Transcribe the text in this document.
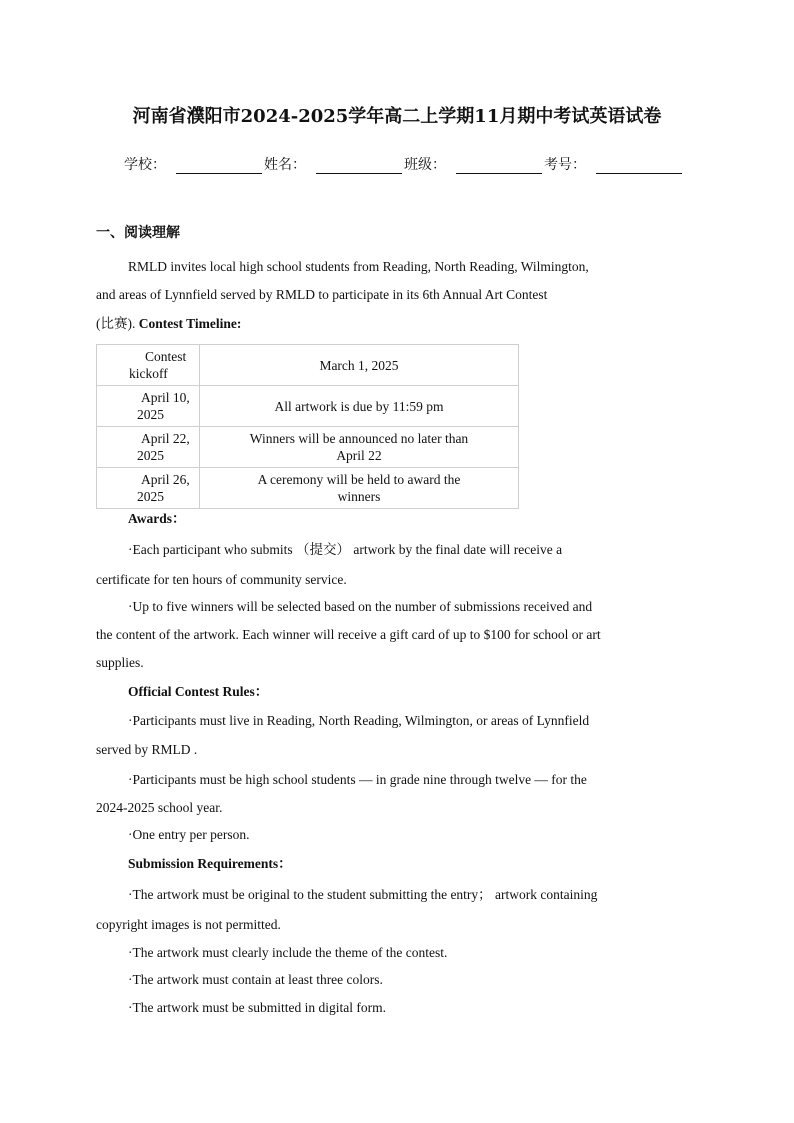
河南省濮阳市2024-2025学年高二上学期11月期中考试英语试卷
学校：	姓名：	班级：	考号：
一、阅读理解
RMLD invites local high school students from Reading, North Reading, Wilmington,
and areas of Lynnfield served by RMLD to participate in its 6th Annual Art Contest
(比赛). Contest Timeline:
Contest
kickoff	March 1, 2025

April 10,
2025	All artwork is due by 11:59 pm

April 22,
2025	Winners will be announced no later than
April 22

April 26,
2025	A ceremony will be held to award the
winners
Awards：
·Each participant who submits （提交） artwork by the final date will receive a
certificate for ten hours of community service.
·Up to five winners will be selected based on the number of submissions received and
the content of the artwork. Each winner will receive a gift card of up to $100 for school or art
supplies.
Official Contest Rules：
·Participants must live in Reading, North Reading, Wilmington, or areas of Lynnfield
served by RMLD .
·Participants must be high school students — in grade nine through twelve — for the
2024-2025 school year.
·One entry per person.
Submission Requirements：
·The artwork must be original to the student submitting the entry； artwork containing
copyright images is not permitted.
·The artwork must clearly include the theme of the contest.
·The artwork must contain at least three colors.
·The artwork must be submitted in digital form.
